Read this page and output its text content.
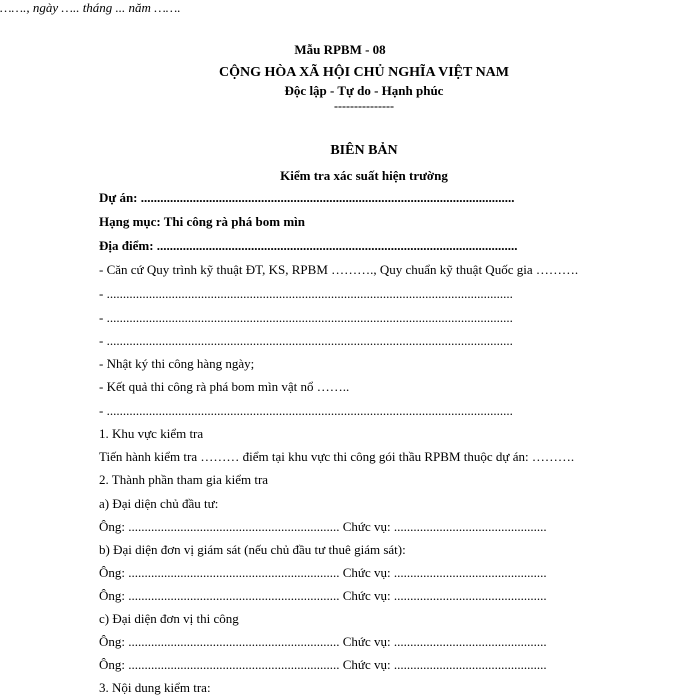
Mẫu RPBM - 08
CỘNG HÒA XÃ HỘI CHỦ NGHĨA VIỆT NAM
Độc lập - Tự do - Hạnh phúc
---------------
……., ngày ….. tháng ... năm …….
BIÊN BẢN
Kiểm tra xác suất hiện trường
Dự án: ...................................................................................................................
Hạng mục: Thi công rà phá bom mìn
Địa điểm: ...............................................................................................................
- Căn cứ Quy trình kỹ thuật ĐT, KS, RPBM ………., Quy chuẩn kỹ thuật Quốc gia ……….
- .............................................................................................................................
- .............................................................................................................................
- .............................................................................................................................
- Nhật ký thi công hàng ngày;
- Kết quả thi công rà phá bom mìn vật nổ ……..
- .............................................................................................................................
1. Khu vực kiểm tra
Tiến hành kiểm tra ……… điểm tại khu vực thi công gói thầu RPBM thuộc dự án: ……….
2. Thành phần tham gia kiểm tra
a) Đại diện chủ đầu tư:
Ông: ................................................................. Chức vụ: ...............................................
b) Đại diện đơn vị giám sát (nếu chủ đầu tư thuê giám sát):
Ông: ................................................................. Chức vụ: ...............................................
Ông: ................................................................. Chức vụ: ...............................................
c) Đại diện đơn vị thi công
Ông: ................................................................. Chức vụ: ...............................................
Ông: ................................................................. Chức vụ: ...............................................
3. Nội dung kiểm tra:
